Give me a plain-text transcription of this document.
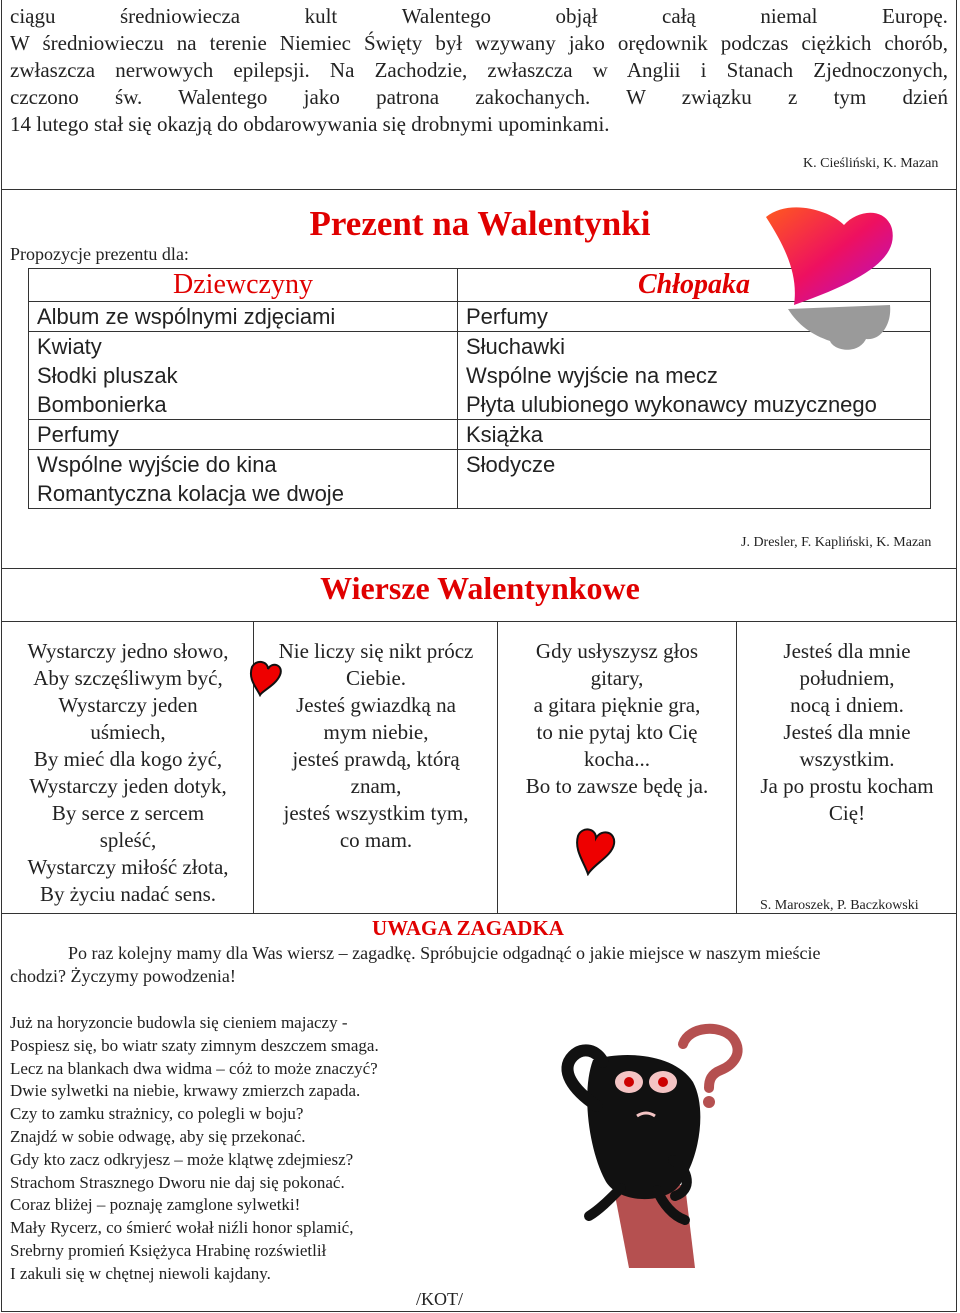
ciągu	średniowiecza	kult	Walentego	objął	całą	niemal	Europę.

W średniowieczu na terenie Niemiec Święty był wzywany jako orędownik podczas ciężkich chorób,

zwłaszcza nerwowych epilepsji. Na Zachodzie, zwłaszcza w Anglii i Stanach Zjednoczonych,

czczono św. Walentego jako patrona zakochanych. W związku z tym dzień

14 lutego stał się okazją do obdarowywania się drobnymi upominkami.

K. Cieśliński, K. Mazan
Prezent na Walentynki
Propozycje prezentu dla:
Dziewczyny	Chłopaka
Album ze wspólnymi zdjęciami	Perfumy
Kwiaty	Słuchawki
Słodki pluszak	Wspólne wyjście na mecz
Bombonierka	Płyta ulubionego wykonawcy muzycznego
Perfumy	Książka
Wspólne wyjście do kina	Słodycze
Romantyczna kolacja we dwoje	
J. Dresler, F. Kapliński, K. Mazan
Wiersze Walentynkowe
Wystarczy jedno słowo,
Aby szczęśliwym być,
Wystarczy jeden
uśmiech,
By mieć dla kogo żyć,
Wystarczy jeden dotyk,
By serce z sercem
spleść,
Wystarczy miłość złota,
By życiu nadać sens.
Nie liczy się nikt prócz
Ciebie.
Jesteś gwiazdką na
mym niebie,
jesteś prawdą, którą
znam,
jesteś wszystkim tym,
co mam.
Gdy usłyszysz głos
gitary,
a gitara pięknie gra,
to nie pytaj kto Cię
kocha...
Bo to zawsze będę ja.
Jesteś dla mnie
południem,
nocą i dniem.
Jesteś dla mnie
wszystkim.
Ja po prostu kocham
Cię!
S. Maroszek, P. Baczkowski
UWAGA ZAGADKA
Po raz kolejny mamy dla Was wiersz – zagadkę. Spróbujcie odgadnąć o jakie miejsce w naszym mieście
chodzi? Życzymy powodzenia!
Już na horyzoncie budowla się cieniem majaczy -
Pospiesz się, bo wiatr szaty zimnym deszczem smaga.
Lecz na blankach dwa widma – cóż to może znaczyć?
Dwie sylwetki na niebie, krwawy zmierzch zapada.
Czy to zamku strażnicy, co polegli w boju?
Znajdź w sobie odwagę, aby się przekonać.
Gdy kto zacz odkryjesz – może klątwę zdejmiesz?
Strachom Strasznego Dworu nie daj się pokonać.
Coraz bliżej – poznaję zamglone sylwetki!
Mały Rycerz, co śmierć wołał niźli honor splamić,
Srebrny promień Księżyca Hrabinę rozświetlił
I zakuli się w chętnej niewoli kajdany.
/KOT/
